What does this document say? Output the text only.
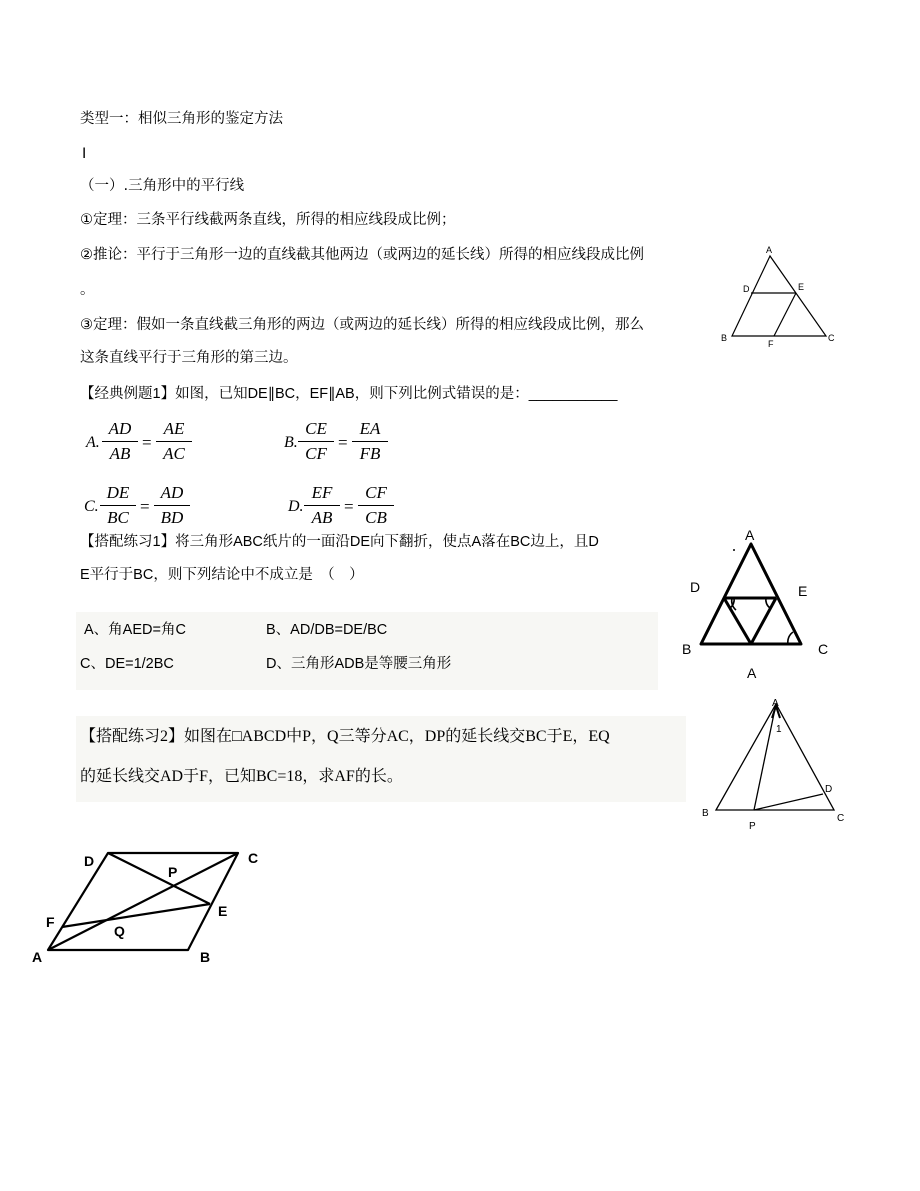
类型一：相似三角形的鉴定方法
I
（一）.三角形中的平行线
①定理：三条平行线截两条直线，所得的相应线段成比例；
②推论：平行于三角形一边的直线截其他两边（或两边的延长线）所得的相应线段成比例
。
③定理：假如一条直线截三角形的两边（或两边的延长线）所得的相应线段成比例，那么
这条直线平行于三角形的第三边。
【经典例题1】如图，已知DE∥BC，EF∥AB，则下列比例式错误的是：___________
A.
AD
AB
=
AE
AC
B.
CE
CF
=
EA
FB
C.
DE
BC
=
AD
BD
D.
EF
AB
=
CF
CB
【搭配练习1】将三角形ABC纸片的一面沿DE向下翻折，使点A落在BC边上，且D
E平行于BC，则下列结论中不成立是　（　）
A、角AED=角C	B、AD/DB=DE/BC
C、DE=1/2BC	D、三角形ADB是等腰三角形
【搭配练习2】如图在□ABCD中P，Q三等分AC，DP的延长线交BC于E，EQ
的延长线交AD于F，已知BC=18，求AF的长。
A
B	C
D	E
F
A
B	C
D	E
A
A
1
B	C
D
P
A	B
C
D
E
F
P
Q
